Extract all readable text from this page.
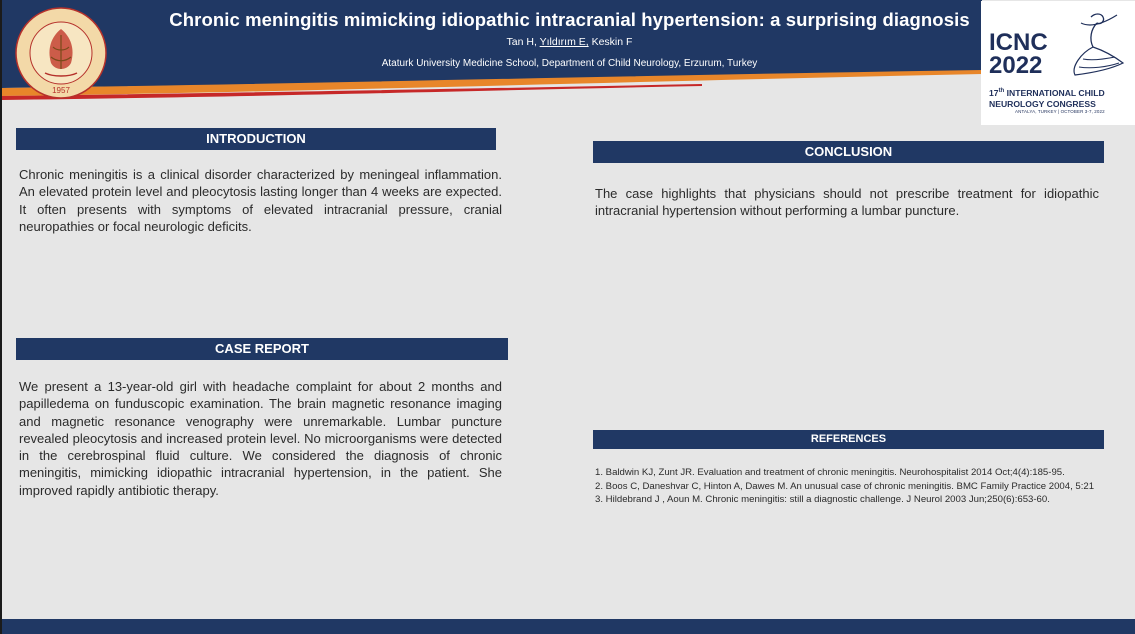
1957
Chronic meningitis mimicking idiopathic intracranial hypertension: a surprising diagnosis
Tan H, Yıldırım E, Keskin F
Ataturk University Medicine School, Department of Child Neurology, Erzurum, Turkey
ICNC
2022
17th INTERNATIONAL CHILD
NEUROLOGY CONGRESS
ANTALYA, TURKEY | OCTOBER 3-7, 2022
INTRODUCTION
Chronic meningitis is a clinical disorder characterized by meningeal inflammation. An elevated protein level and pleocytosis lasting longer than 4 weeks are expected. It often presents with symptoms of elevated intracranial pressure, cranial neuropathies or focal neurologic deficits.
CASE REPORT
We present a 13-year-old girl with headache complaint for about 2 months and papilledema on funduscopic examination. The brain magnetic resonance imaging and magnetic resonance venography were unremarkable. Lumbar puncture revealed pleocytosis and increased protein level. No microorganisms were detected in the cerebrospinal fluid culture. We considered the diagnosis of chronic meningitis, mimicking idiopathic intracranial hypertension, in the patient. She improved rapidly antibiotic therapy.
CONCLUSION
The case highlights that physicians should not prescribe treatment for idiopathic intracranial hypertension without performing a lumbar puncture.
REFERENCES
1. Baldwin KJ, Zunt JR. Evaluation and treatment of chronic meningitis. Neurohospitalist 2014 Oct;4(4):185-95.
2. Boos C, Daneshvar C, Hinton A, Dawes M. An unusual case of chronic meningitis. BMC Family Practice 2004, 5:21
3. Hildebrand J , Aoun M. Chronic meningitis: still a diagnostic challenge. J Neurol 2003 Jun;250(6):653-60.
